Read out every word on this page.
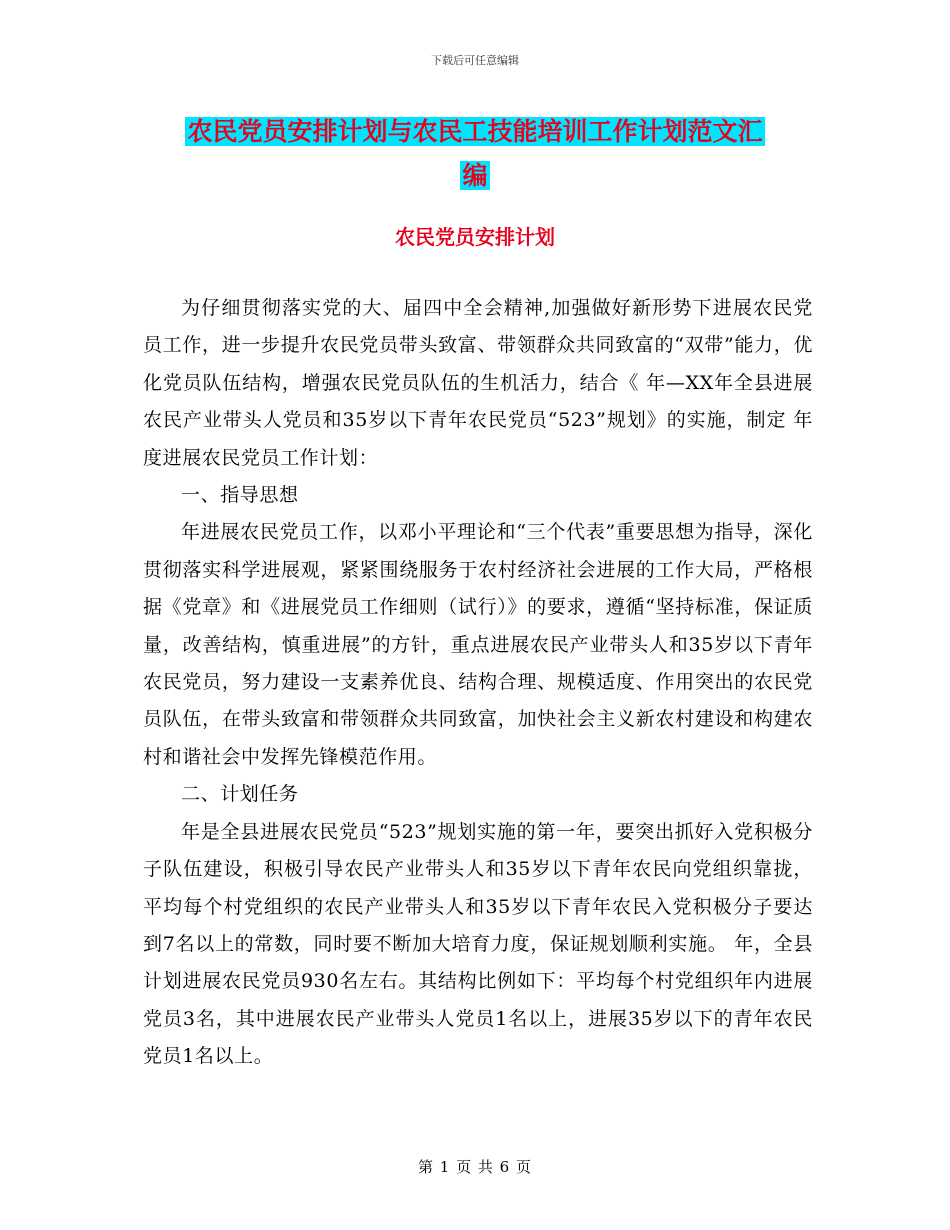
下载后可任意编辑
农民党员安排计划与农民工技能培训工作计划范文汇
编
农民党员安排计划

为仔细贯彻落实党的大、届四中全会精神,加强做好新形势下进展农民党员工作，进一步提升农民党员带头致富、带领群众共同致富的“双带”能力，优化党员队伍结构，增强农民党员队伍的生机活力，结合《 年—XX年全县进展农民产业带头人党员和35岁以下青年农民党员“523”规划》的实施，制定 年度进展农民党员工作计划：

一、指导思想

年进展农民党员工作，以邓小平理论和“三个代表”重要思想为指导，深化贯彻落实科学进展观，紧紧围绕服务于农村经济社会进展的工作大局，严格根据《党章》和《进展党员工作细则（试行）》的要求，遵循“坚持标准，保证质量，改善结构，慎重进展”的方针，重点进展农民产业带头人和35岁以下青年农民党员，努力建设一支素养优良、结构合理、规模适度、作用突出的农民党员队伍，在带头致富和带领群众共同致富，加快社会主义新农村建设和构建农村和谐社会中发挥先锋模范作用。

二、计划任务

年是全县进展农民党员“523”规划实施的第一年，要突出抓好入党积极分子队伍建设，积极引导农民产业带头人和35岁以下青年农民向党组织靠拢，平均每个村党组织的农民产业带头人和35岁以下青年农民入党积极分子要达到7名以上的常数，同时要不断加大培育力度，保证规划顺利实施。 年，全县计划进展农民党员930名左右。其结构比例如下：平均每个村党组织年内进展党员3名，其中进展农民产业带头人党员1名以上，进展35岁以下的青年农民党员1名以上。

第 1 页 共 6 页
